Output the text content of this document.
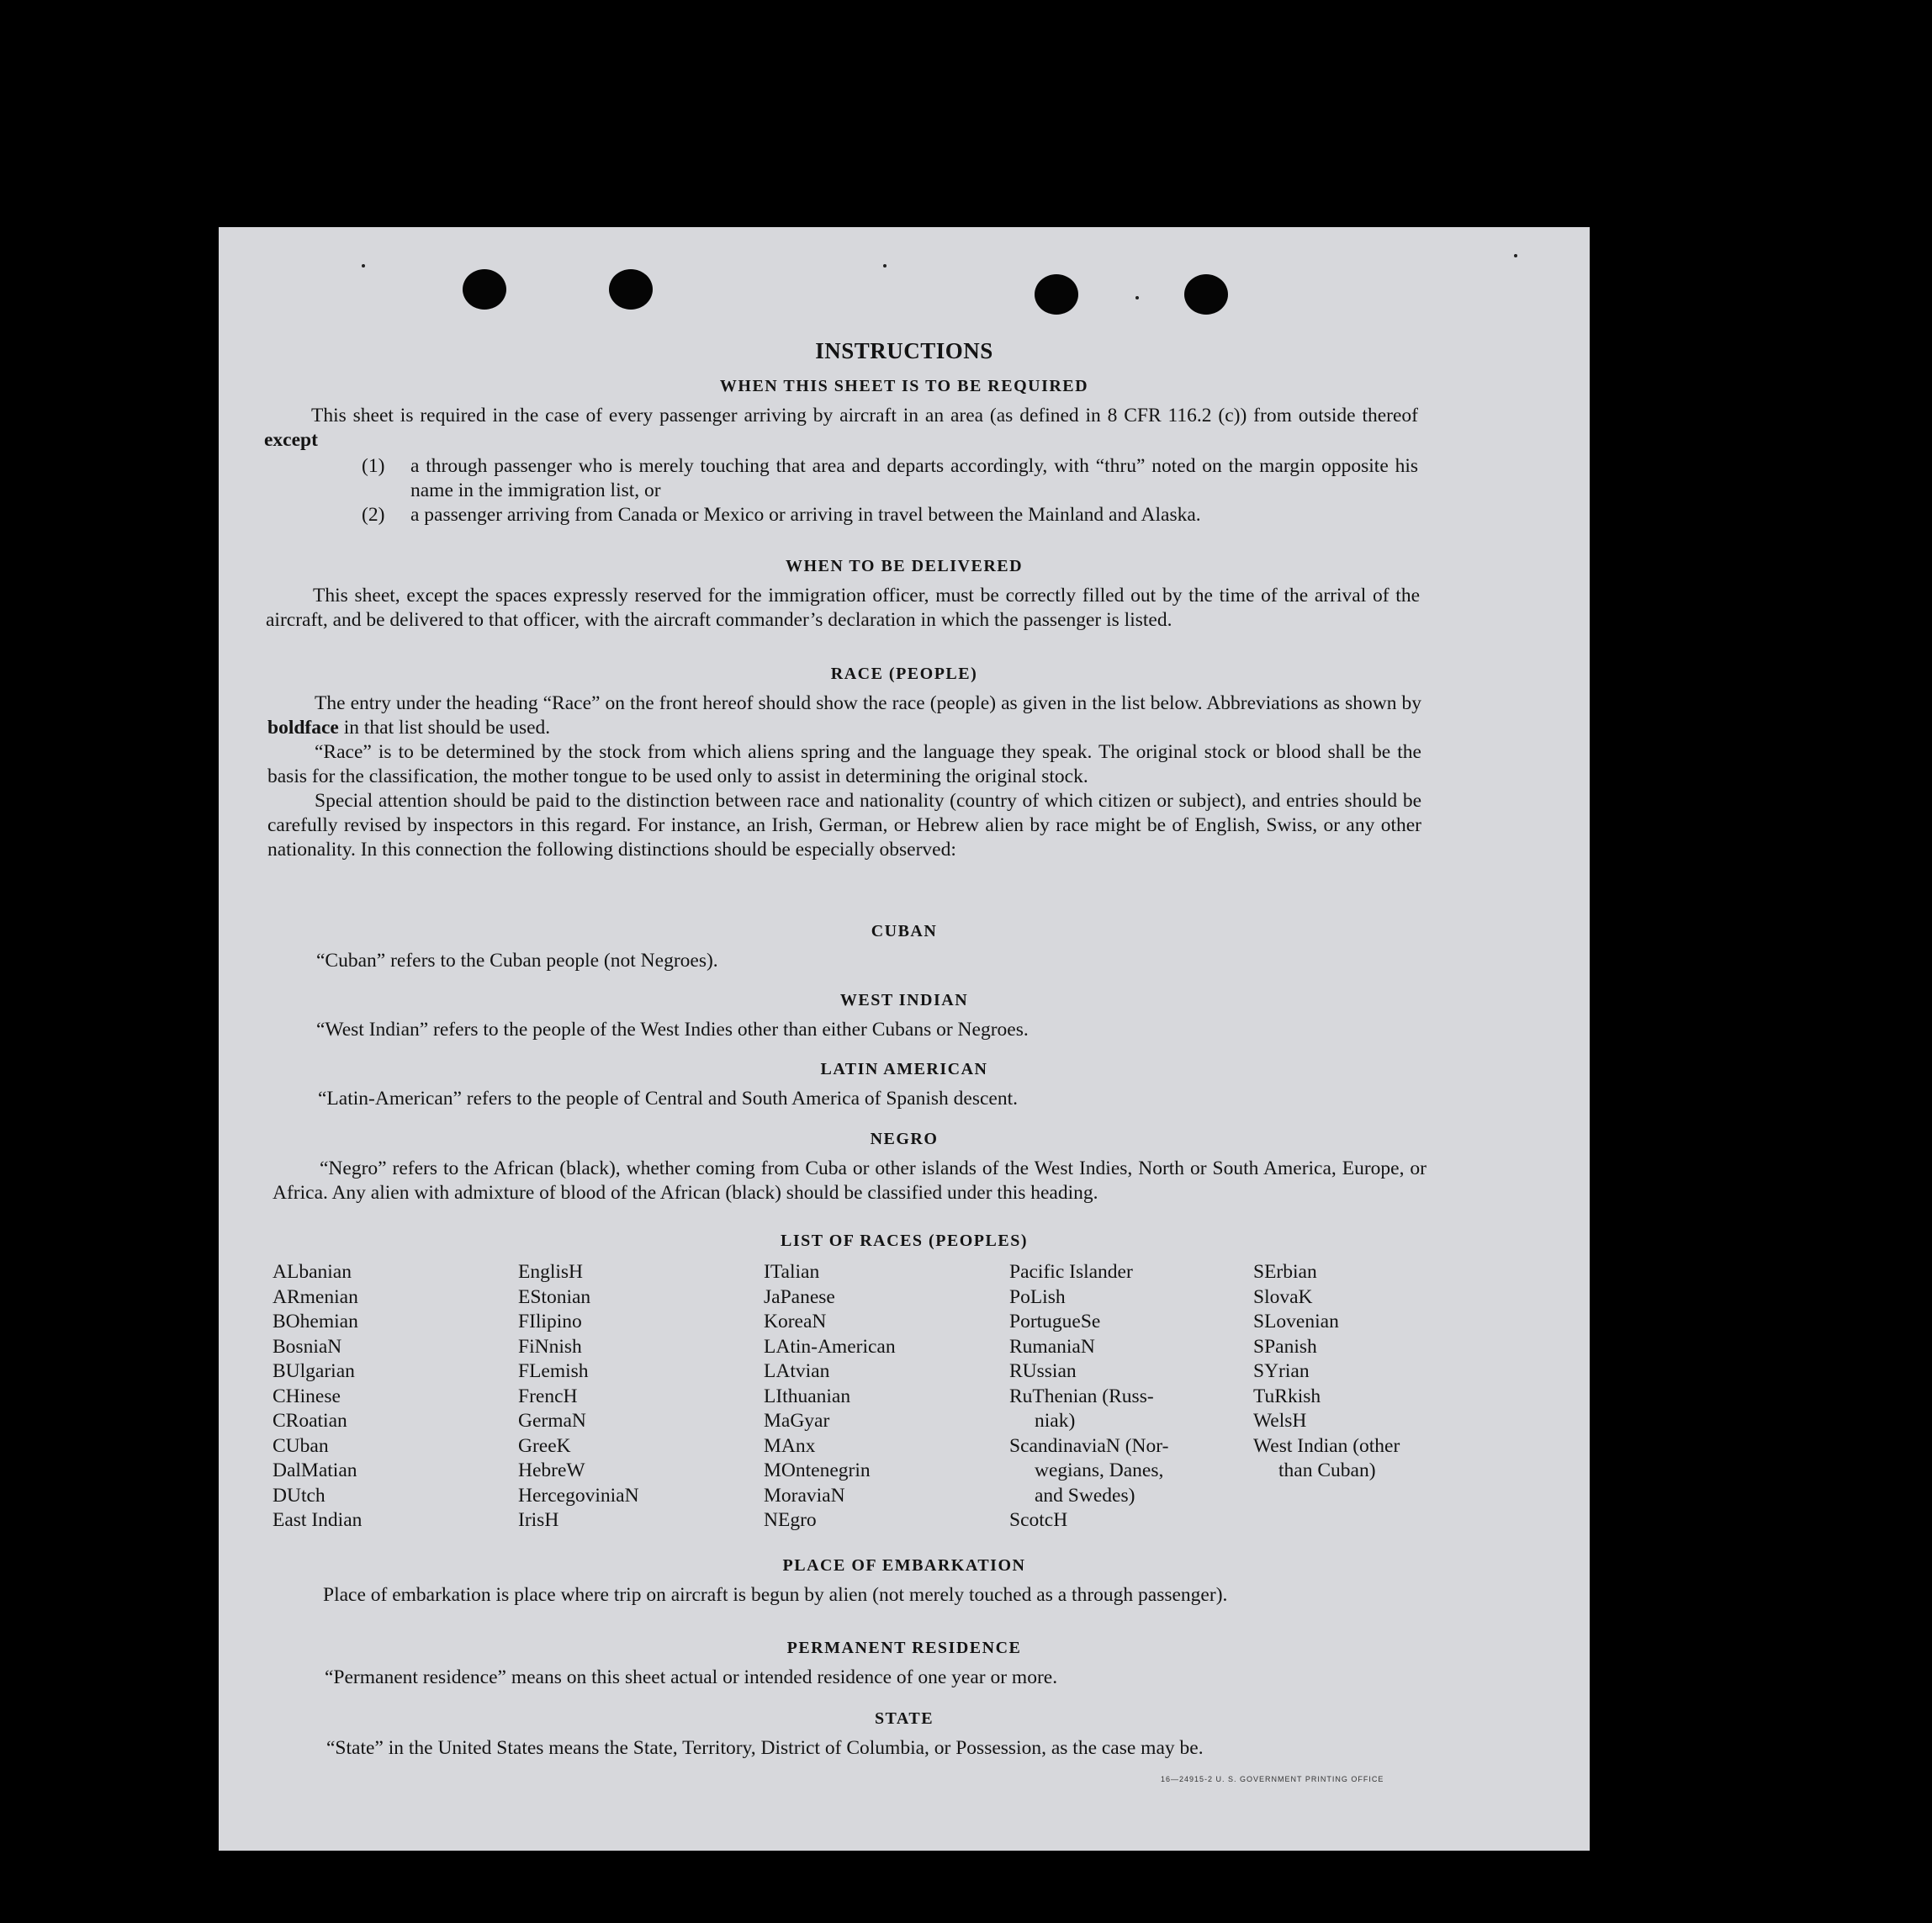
INSTRUCTIONS
WHEN THIS SHEET IS TO BE REQUIRED
This sheet is required in the case of every passenger arriving by aircraft in an area (as defined in 8 CFR 116.2 (c)) from outside thereof except
(1) a through passenger who is merely touching that area and departs accordingly, with “thru” noted on the margin opposite his name in the immigration list, or
(2) a passenger arriving from Canada or Mexico or arriving in travel between the Mainland and Alaska.
WHEN TO BE DELIVERED
This sheet, except the spaces expressly reserved for the immigration officer, must be correctly filled out by the time of the arrival of the aircraft, and be delivered to that officer, with the aircraft commander’s declaration in which the passenger is listed.
RACE (PEOPLE)
The entry under the heading “Race” on the front hereof should show the race (people) as given in the list below. Abbreviations as shown by boldface in that list should be used.
“Race” is to be determined by the stock from which aliens spring and the language they speak. The original stock or blood shall be the basis for the classification, the mother tongue to be used only to assist in determining the original stock.
Special attention should be paid to the distinction between race and nationality (country of which citizen or subject), and entries should be carefully revised by inspectors in this regard. For instance, an Irish, German, or Hebrew alien by race might be of English, Swiss, or any other nationality. In this connection the following distinctions should be especially observed:
CUBAN
“Cuban” refers to the Cuban people (not Negroes).
WEST INDIAN
“West Indian” refers to the people of the West Indies other than either Cubans or Negroes.
LATIN AMERICAN
“Latin-American” refers to the people of Central and South America of Spanish descent.
NEGRO
“Negro” refers to the African (black), whether coming from Cuba or other islands of the West Indies, North or South America, Europe, or Africa. Any alien with admixture of blood of the African (black) should be classified under this heading.
LIST OF RACES (PEOPLES)
ALbanian
ARmenian
BOhemian
BosniaN
BUlgarian
CHinese
CRoatian
CUban
DalMatian
DUtch
East Indian
EnglisH
EStonian
FIlipino
FiNnish
FLemish
FrencH
GermaN
GreeK
HebreW
HercegoviniaN
IrisH
ITalian
JaPanese
KoreaN
LAtin-American
LAtvian
LIthuanian
MaGyar
MAnx
MOntenegrin
MoraviaN
NEgro
Pacific Islander
PoLish
PortugueSe
RumaniaN
RUssian
RuThenian (Russ-
niak)
ScandinaviaN (Nor-
wegians, Danes,
and Swedes)
ScotcH
SErbian
SlovaK
SLovenian
SPanish
SYrian
TuRkish
WelsH
West Indian (other
than Cuban)
PLACE OF EMBARKATION
Place of embarkation is place where trip on aircraft is begun by alien (not merely touched as a through passenger).
PERMANENT RESIDENCE
“Permanent residence” means on this sheet actual or intended residence of one year or more.
STATE
“State” in the United States means the State, Territory, District of Columbia, or Possession, as the case may be.
16—24915-2 U. S. GOVERNMENT PRINTING OFFICE
